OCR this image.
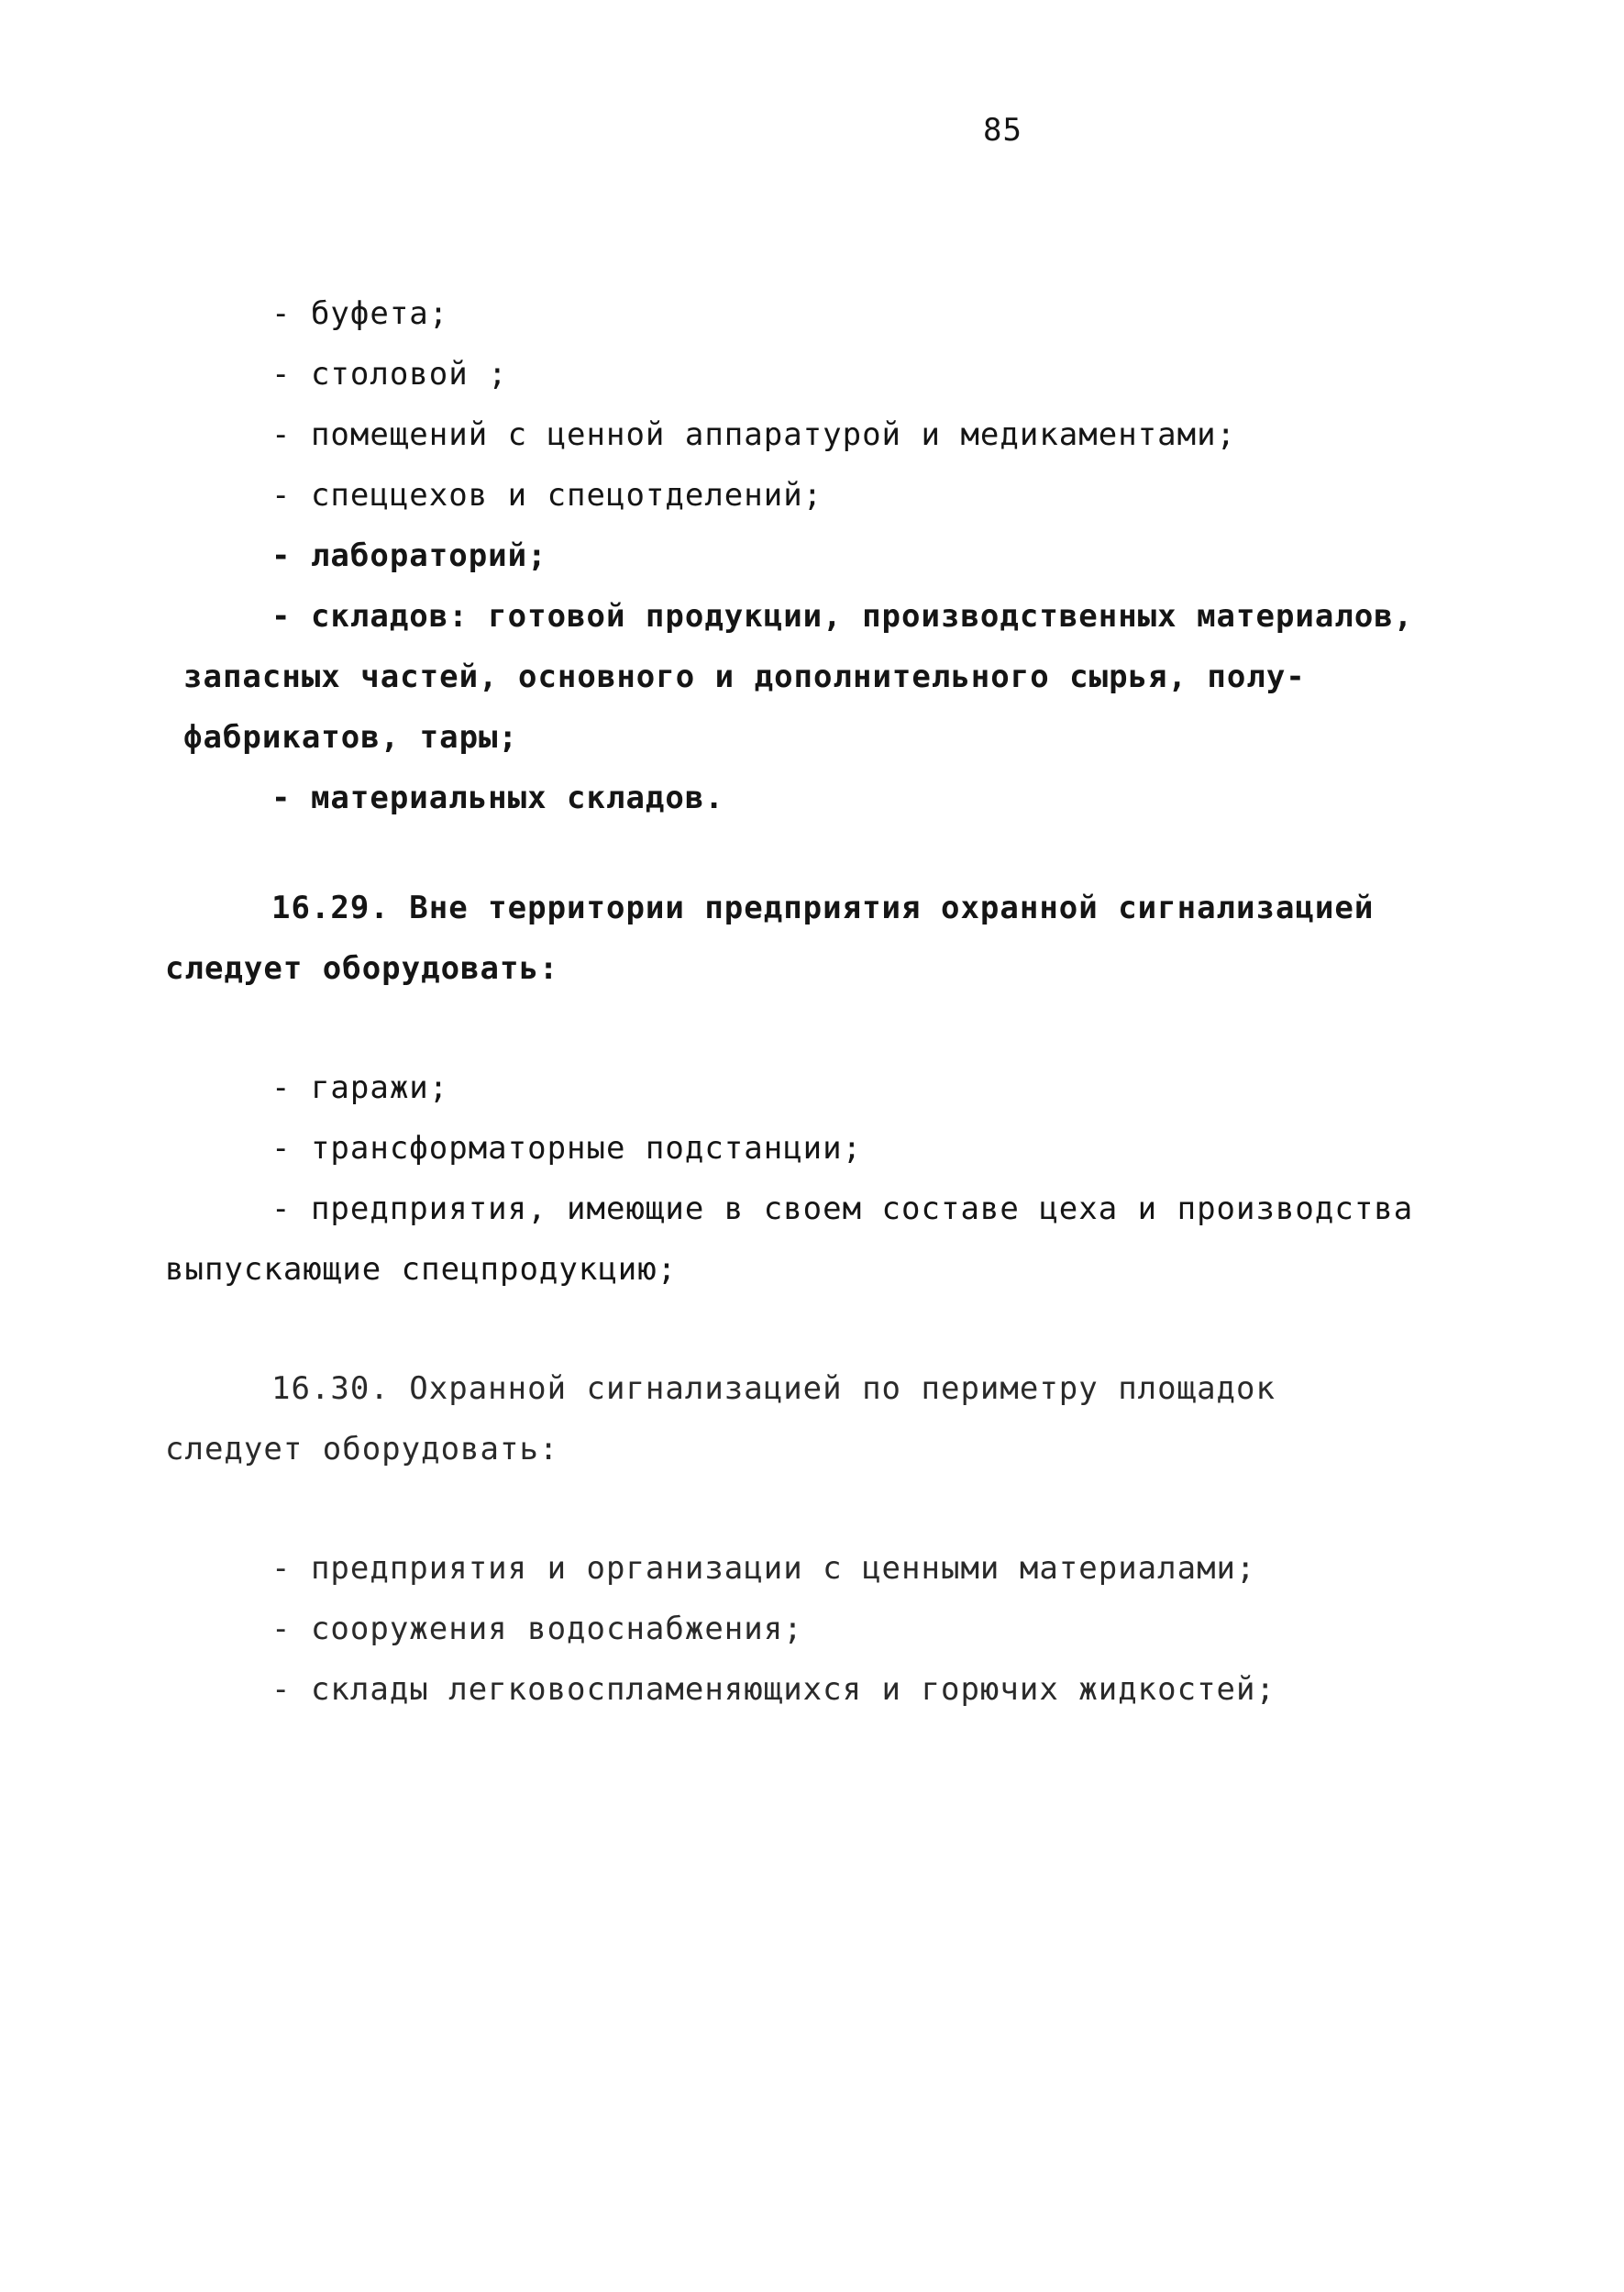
85
- буфета;
- столовой ;
- помещений с ценной аппаратурой и медикаментами;
- спеццехов и спецотделений;
- лабораторий;
- складов: готовой продукции, производственных материалов,
запасных частей, основного и дополнительного сырья, полу-
фабрикатов, тары;
- материальных складов.
16.29. Вне территории предприятия охранной сигнализацией
следует оборудовать:
- гаражи;
- трансформаторные подстанции;
- предприятия, имеющие в своем составе цеха и производства
выпускающие спецпродукцию;
16.30. Охранной сигнализацией по периметру площадок
следует оборудовать:
- предприятия и организации с ценными материалами;
- сооружения водоснабжения;
- склады легковоспламеняющихся и горючих жидкостей;
